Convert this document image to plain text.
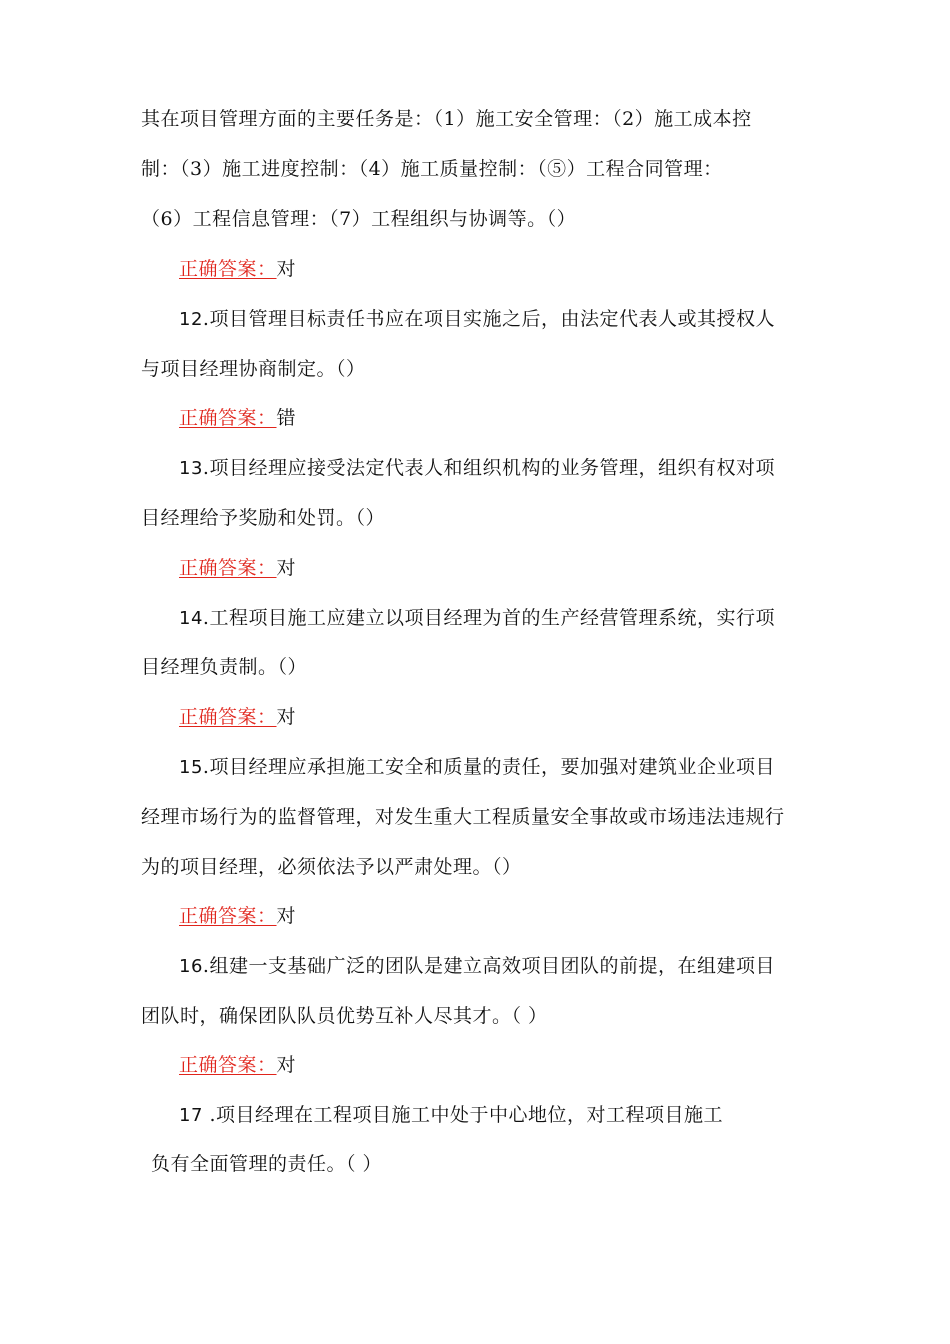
其在项目管理方面的主要任务是：（1）施工安全管理：（2）施工成本控
制：（3）施工进度控制：（4）施工质量控制：（⑤）工程合同管理：
（6）工程信息管理：（7）工程组织与协调等。（）
正确答案：对
12.项目管理目标责任书应在项目实施之后，由法定代表人或其授权人
与项目经理协商制定。（）
正确答案：错
13.项目经理应接受法定代表人和组织机构的业务管理，组织有权对项
目经理给予奖励和处罚。（）
正确答案：对
14.工程项目施工应建立以项目经理为首的生产经营管理系统，实行项
目经理负责制。（）
正确答案：对
15.项目经理应承担施工安全和质量的责任，要加强对建筑业企业项目
经理市场行为的监督管理，对发生重大工程质量安全事故或市场违法违规行
为的项目经理，必须依法予以严肃处理。（）
正确答案：对
16.组建一支基础广泛的团队是建立高效项目团队的前提，在组建项目
团队时，确保团队队员优势互补人尽其才。（ ）
正确答案：对
17 .项目经理在工程项目施工中处于中心地位，对工程项目施工
负有全面管理的责任。（ ）
